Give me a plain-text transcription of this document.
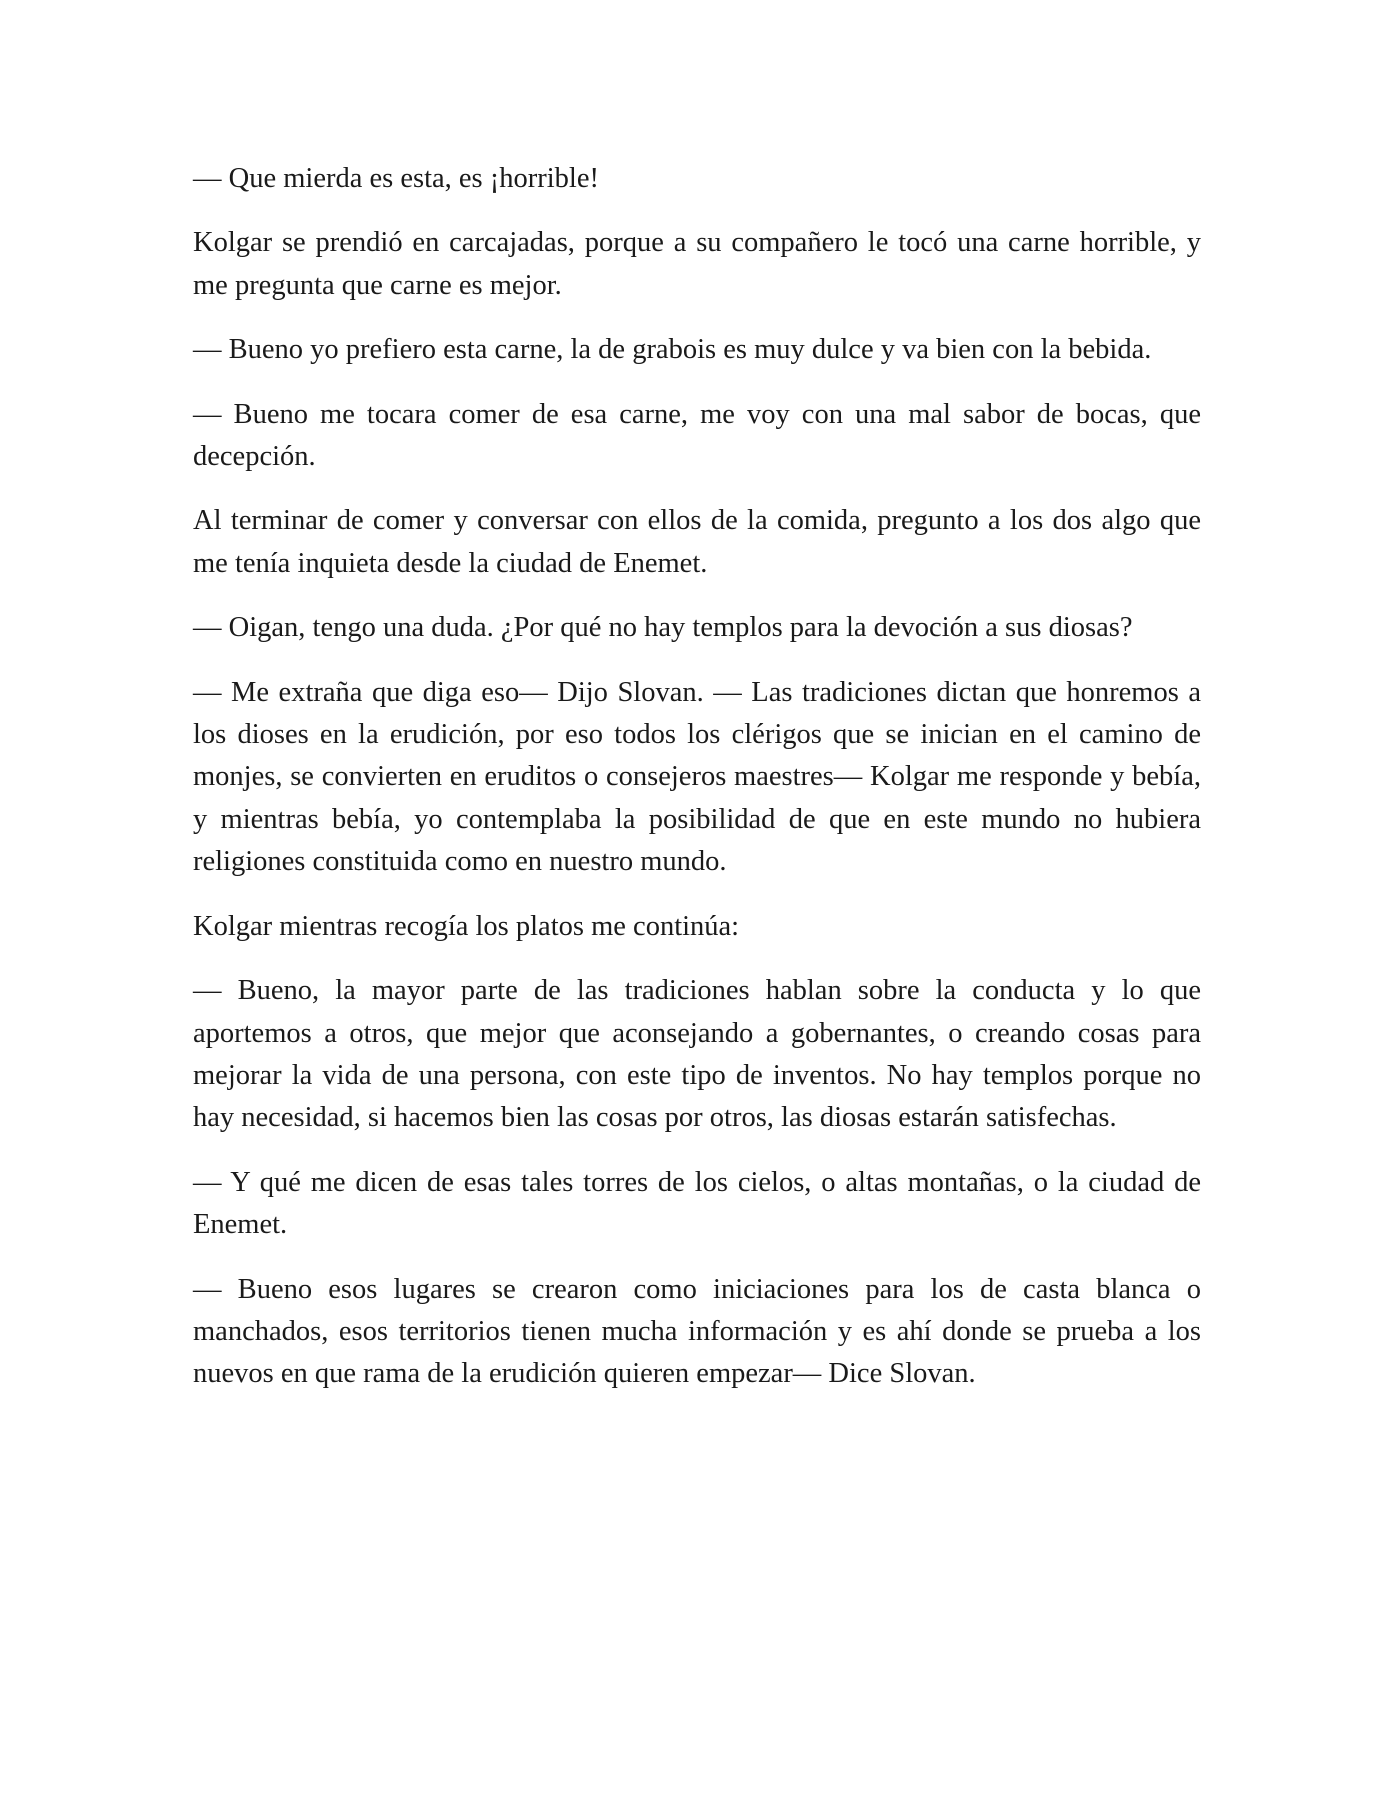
— Que mierda es esta, es ¡horrible!

Kolgar se prendió en carcajadas, porque a su compañero le tocó una carne horrible, y me pregunta que carne es mejor.

— Bueno yo prefiero esta carne, la de grabois es muy dulce y va bien con la bebida.

— Bueno me tocara comer de esa carne, me voy con una mal sabor de bocas, que decepción.

Al terminar de comer y conversar con ellos de la comida, pregunto a los dos algo que me tenía inquieta desde la ciudad de Enemet.

— Oigan, tengo una duda. ¿Por qué no hay templos para la devoción a sus diosas?

— Me extraña que diga eso— Dijo Slovan. — Las tradiciones dictan que honremos a los dioses en la erudición, por eso todos los clérigos que se inician en el camino de monjes, se convierten en eruditos o consejeros maestres— Kolgar me responde y bebía, y mientras bebía, yo contemplaba la posibilidad de que en este mundo no hubiera religiones constituida como en nuestro mundo.

Kolgar mientras recogía los platos me continúa:

— Bueno, la mayor parte de las tradiciones hablan sobre la conducta y lo que aportemos a otros, que mejor que aconsejando a gobernantes, o creando cosas para mejorar la vida de una persona, con este tipo de inventos. No hay templos porque no hay necesidad, si hacemos bien las cosas por otros, las diosas estarán satisfechas.

— Y qué me dicen de esas tales torres de los cielos, o altas montañas, o la ciudad de Enemet.

— Bueno esos lugares se crearon como iniciaciones para los de casta blanca o manchados, esos territorios tienen mucha información y es ahí donde se prueba a los nuevos en que rama de la erudición quieren empezar— Dice Slovan.
